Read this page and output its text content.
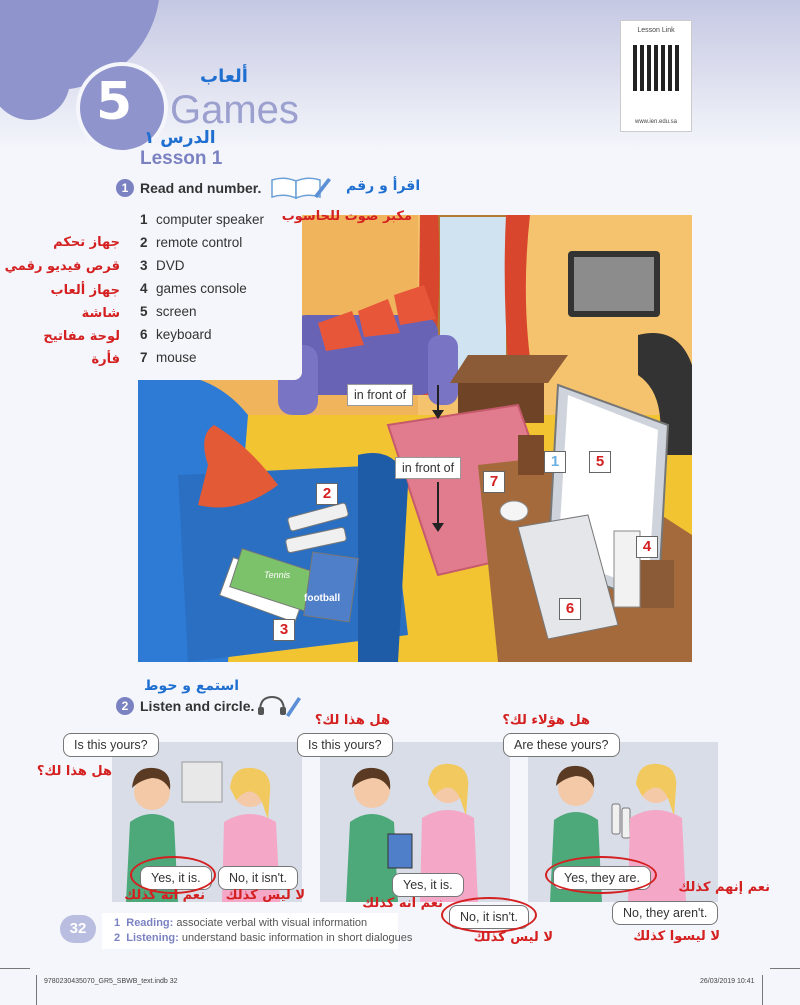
5	ألعاب
Games
الدرس ١
Lesson 1
Lesson Link
www.ien.edu.sa
1 Read and number.	اقرأ و رقم
Tennis
football
1 computer speaker
2 remote control
3 DVD
4 games console
5 screen
6 keyboard
7 mouse
مكبر صوت للحاسوب
جهاز تحكم
قرص فيديو رقمي
جهاز ألعاب
شاشة
لوحة مفاتيح
فأرة
in front of
in front of	1
2
3
4
5
6
7
استمع و حوط
2 Listen and circle.
Is this yours?
هل هذا لك؟
Yes, it is.	No, it isn't.
نعم انه كذلك لا ليس كذلك
هل هذا لك؟
Is this yours?
Yes, it is.
No, it isn't.
نعم انه كذلك
لا ليس كذلك
هل هؤلاء لك؟
Are these yours?
Yes, they are.
نعم إنهم كذلك
No, they aren't.
لا ليسوا كذلك
32	1 Reading: associate verbal with visual information
2 Listening: understand basic information in short dialogues
9780230435070_GR5_SBWB_text.indb 32	26/03/2019 10:41
